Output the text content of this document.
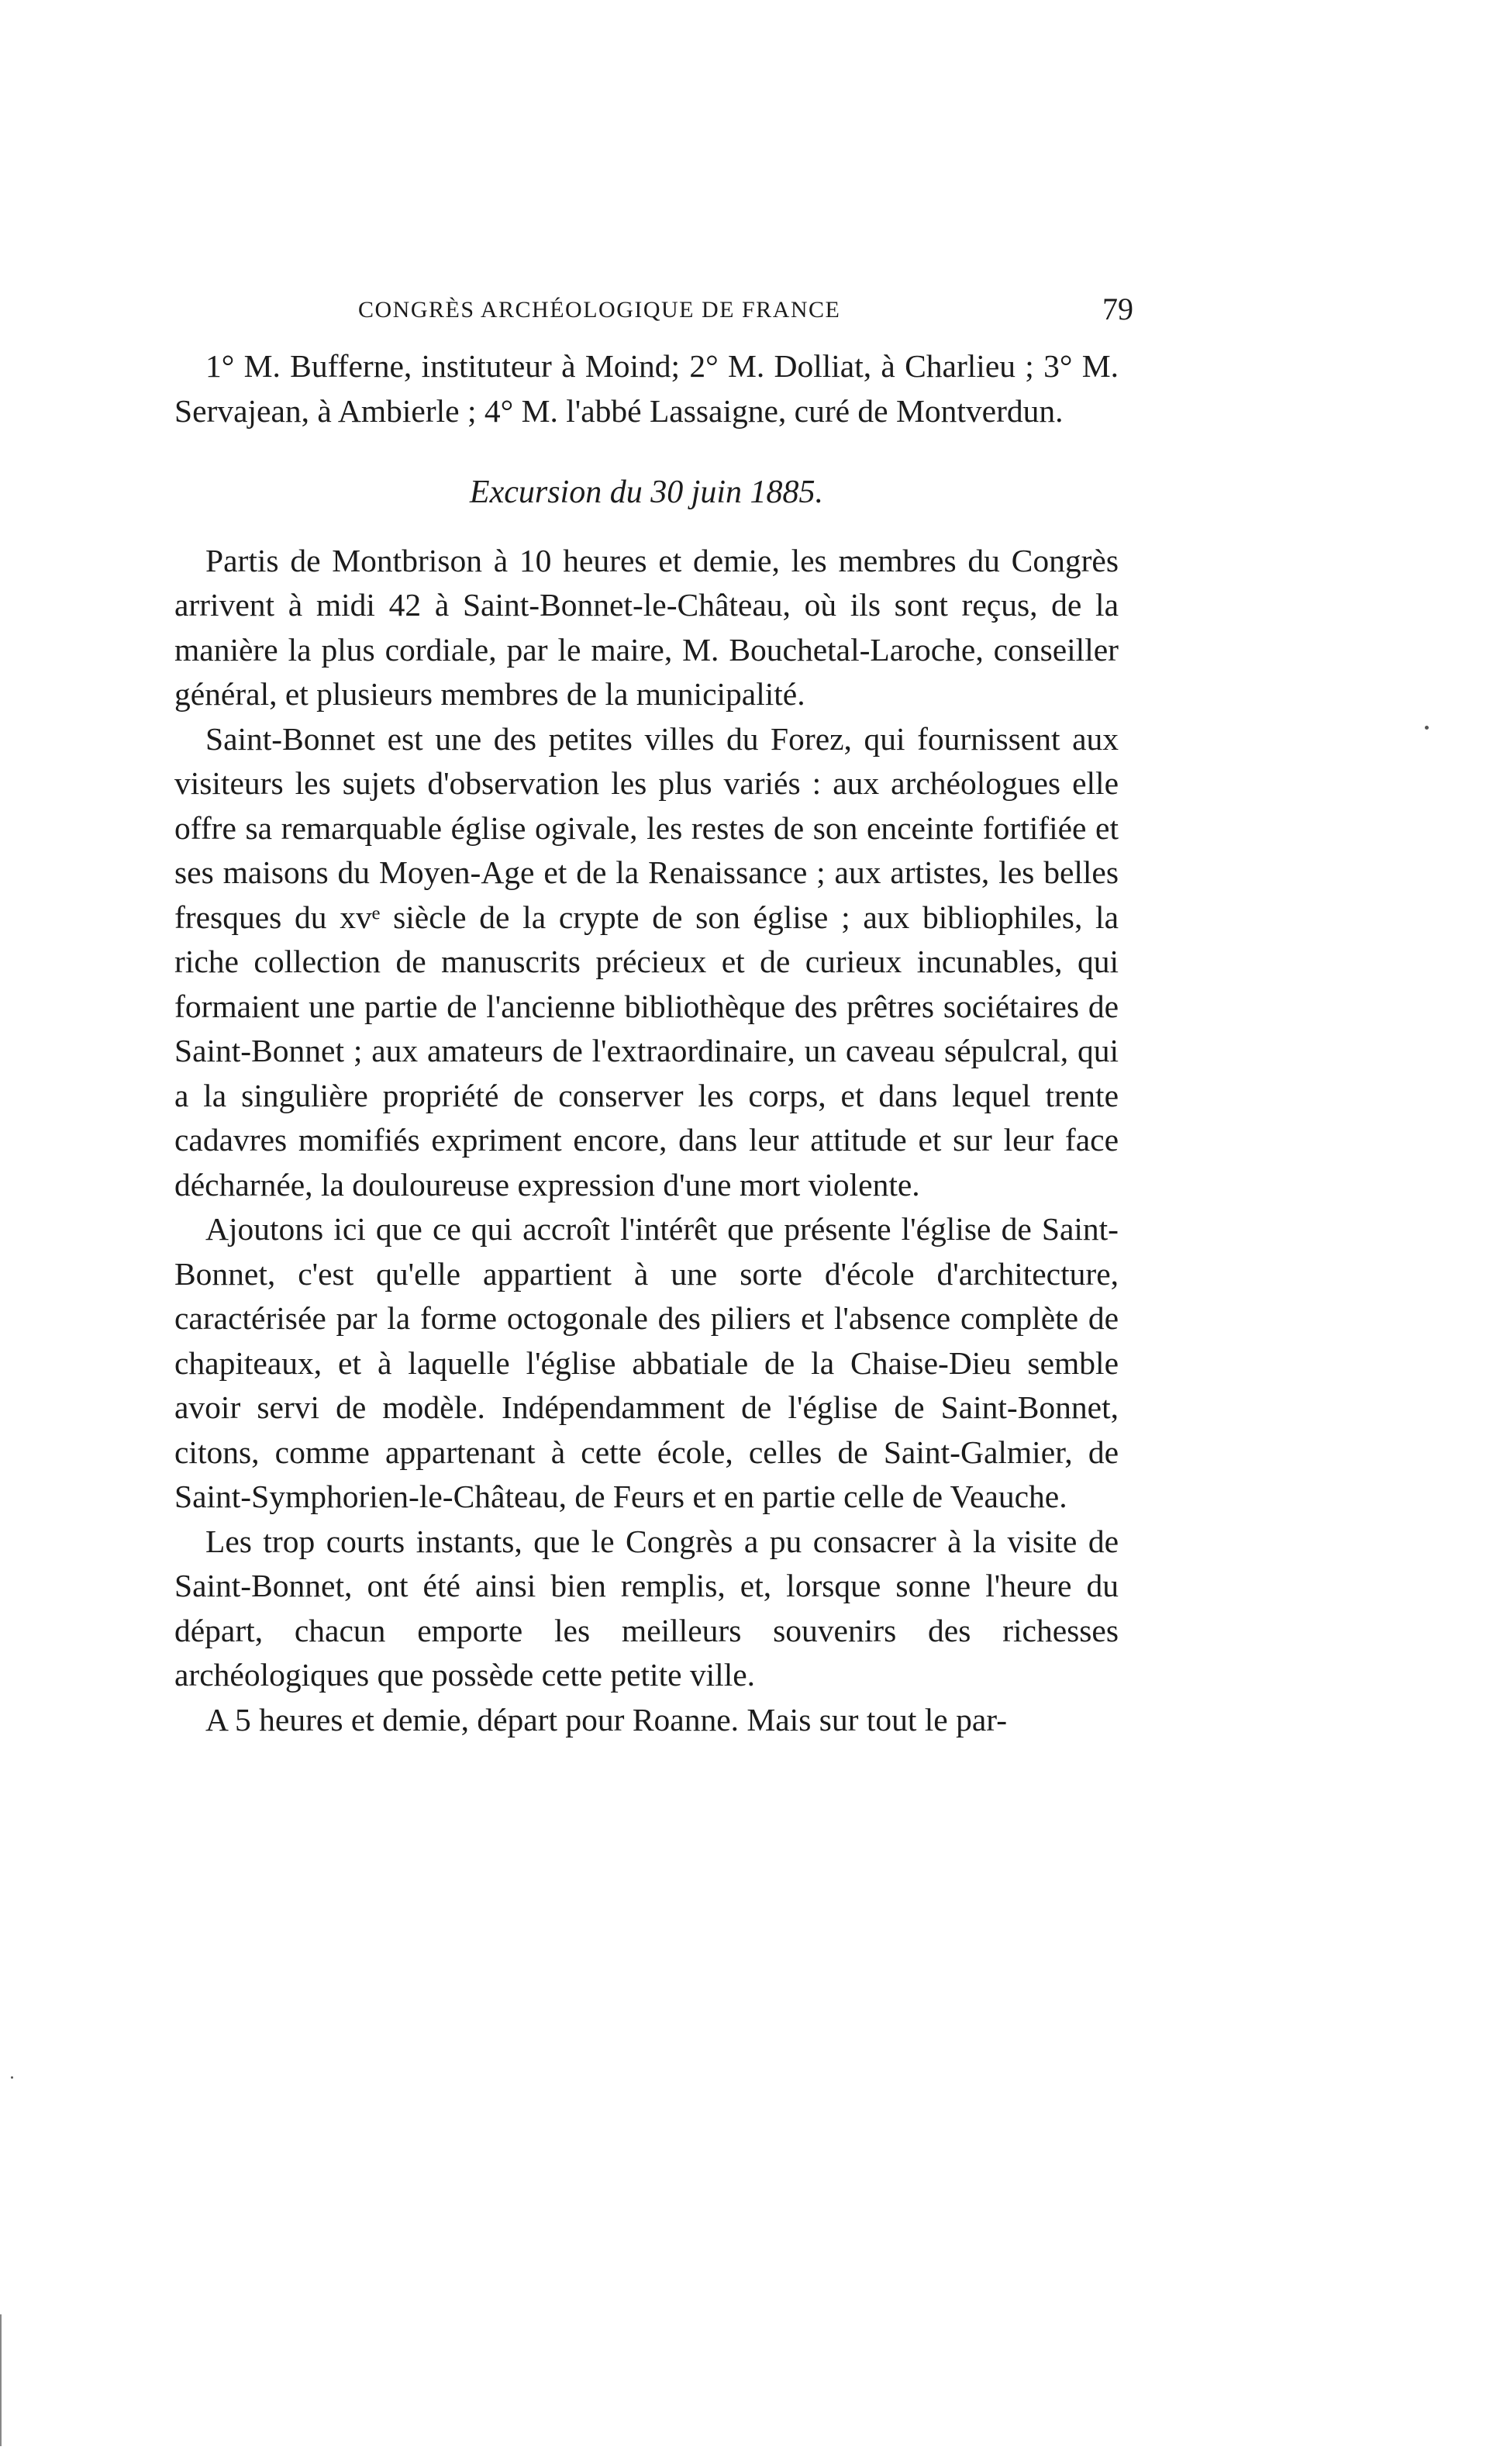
CONGRÈS ARCHÉOLOGIQUE DE FRANCE	79

1° M. Bufferne, instituteur à Moind; 2° M. Dolliat, à Charlieu ; 3° M. Servajean, à Ambierle ; 4° M. l'abbé Lassaigne, curé de Montverdun.

Excursion du 30 juin 1885.

Partis de Montbrison à 10 heures et demie, les membres du Congrès arrivent à midi 42 à Saint-Bonnet-le-Château, où ils sont reçus, de la manière la plus cordiale, par le maire, M. Bouchetal-Laroche, conseiller général, et plusieurs membres de la municipalité.

Saint-Bonnet est une des petites villes du Forez, qui fournissent aux visiteurs les sujets d'observation les plus variés : aux archéologues elle offre sa remarquable église ogivale, les restes de son enceinte fortifiée et ses maisons du Moyen-Age et de la Renaissance ; aux artistes, les belles fresques du xvᵉ siècle de la crypte de son église ; aux bibliophiles, la riche collection de manuscrits précieux et de curieux incunables, qui formaient une partie de l'ancienne bibliothèque des prêtres sociétaires de Saint-Bonnet ; aux amateurs de l'extraordinaire, un caveau sépulcral, qui a la singulière propriété de conserver les corps, et dans lequel trente cadavres momifiés expriment encore, dans leur attitude et sur leur face décharnée, la douloureuse expression d'une mort violente.

Ajoutons ici que ce qui accroît l'intérêt que présente l'église de Saint-Bonnet, c'est qu'elle appartient à une sorte d'école d'architecture, caractérisée par la forme octogonale des piliers et l'absence complète de chapiteaux, et à laquelle l'église abbatiale de la Chaise-Dieu semble avoir servi de modèle. Indépendamment de l'église de Saint-Bonnet, citons, comme appartenant à cette école, celles de Saint-Galmier, de Saint-Symphorien-le-Château, de Feurs et en partie celle de Veauche.

Les trop courts instants, que le Congrès a pu consacrer à la visite de Saint-Bonnet, ont été ainsi bien remplis, et, lorsque sonne l'heure du départ, chacun emporte les meilleurs souvenirs des richesses archéologiques que possède cette petite ville.

A 5 heures et demie, départ pour Roanne. Mais sur tout le par-
